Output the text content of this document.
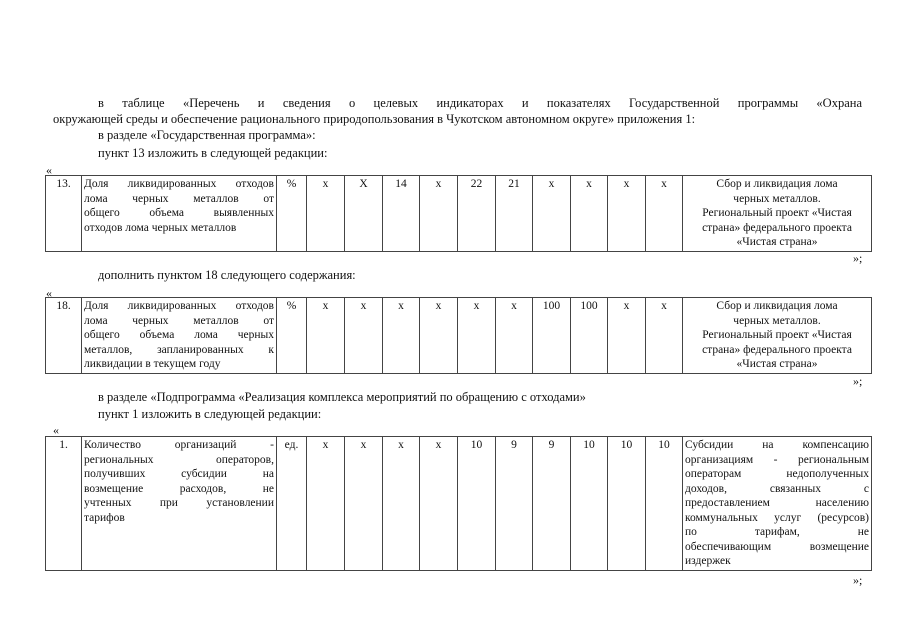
в таблице «Перечень и сведения о целевых индикаторах и показателях Государственной программы «Охрана
окружающей среды и обеспечение рационального природопользования в Чукотском автономном округе» приложения 1:
в разделе «Государственная программа»:
пункт 13 изложить в следующей редакции:
«
13.	Доля ликвидированных отходов
лома черных металлов от
общего объема выявленных
отходов лома черных металлов
	%	х	Х	14	х	22	21	х	х	х	х	Сбор и ликвидация лома
черных металлов.
Региональный проект «Чистая
страна» федерального проекта
«Чистая страна»
»;
дополнить пунктом 18 следующего содержания:
«
18.	Доля ликвидированных отходов
лома черных металлов от
общего объема лома черных
металлов, запланированных к
ликвидации в текущем году
	%	х	х	х	х	х	х	100	100	х	х	Сбор и ликвидация лома
черных металлов.
Региональный проект «Чистая
страна» федерального проекта
«Чистая страна»
»;
в разделе «Подпрограмма «Реализация комплекса мероприятий по обращению с отходами»
пункт 1 изложить в следующей редакции:
«
1.	Количество организаций -
региональных операторов,
получивших субсидии на
возмещение расходов, не
учтенных при установлении
тарифов
	ед.	х	х	х	х	10	9	9	10	10	10	Субсидии на компенсацию
организациям - региональным
операторам недополученных
доходов, связанных с
предоставлением населению
коммунальных услуг (ресурсов)
по тарифам, не
обеспечивающим возмещение
издержек
»;
